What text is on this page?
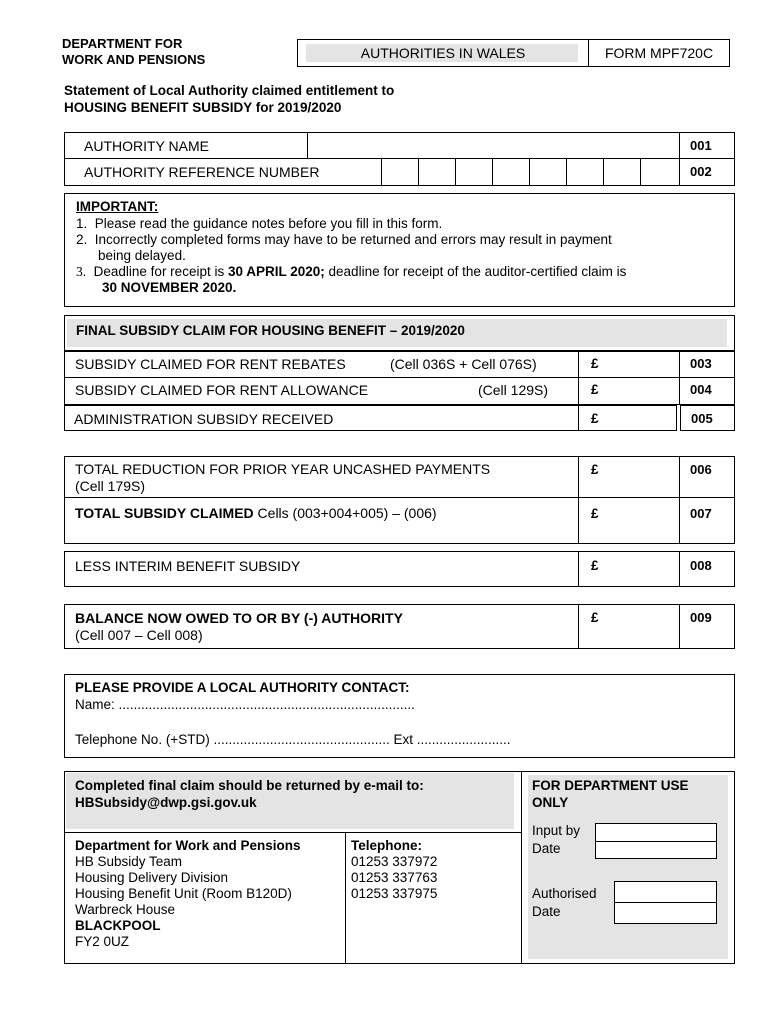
DEPARTMENT FOR
WORK AND PENSIONS	AUTHORITIES IN WALES	FORM MPF720C
Statement of Local Authority claimed entitlement to
HOUSING BENEFIT SUBSIDY for 2019/2020
AUTHORITY NAME	001
AUTHORITY REFERENCE NUMBER	002
IMPORTANT:
1. Please read the guidance notes before you fill in this form.
2. Incorrectly completed forms may have to be returned and errors may result in payment
being delayed.
3. Deadline for receipt is 30 APRIL 2020; deadline for receipt of the auditor-certified claim is
30 NOVEMBER 2020.
FINAL SUBSIDY CLAIM FOR HOUSING BENEFIT – 2019/2020
SUBSIDY CLAIMED FOR RENT REBATES	(Cell 036S + Cell 076S)	£	003
SUBSIDY CLAIMED FOR RENT ALLOWANCE	(Cell 129S)	£	004
ADMINISTRATION SUBSIDY RECEIVED	£	005
TOTAL REDUCTION FOR PRIOR YEAR UNCASHED PAYMENTS
(Cell 179S)
£	006
TOTAL SUBSIDY CLAIMED Cells (003+004+005) – (006)	£	007
LESS INTERIM BENEFIT SUBSIDY	£	008
BALANCE NOW OWED TO OR BY (-) AUTHORITY
(Cell 007 – Cell 008)
£	009
PLEASE PROVIDE A LOCAL AUTHORITY CONTACT:
Name: ...............................................................................
Telephone No. (+STD) ............................................... Ext .........................
Completed final claim should be returned by e-mail to:
HBSubsidy@dwp.gsi.gov.uk
Department for Work and Pensions
HB Subsidy Team
Housing Delivery Division
Housing Benefit Unit (Room B120D)
Warbreck House
BLACKPOOL
FY2 0UZ
Telephone:
01253 337972
01253 337763
01253 337975
FOR DEPARTMENT USE
ONLY
Input by
Date
Authorised
Date
